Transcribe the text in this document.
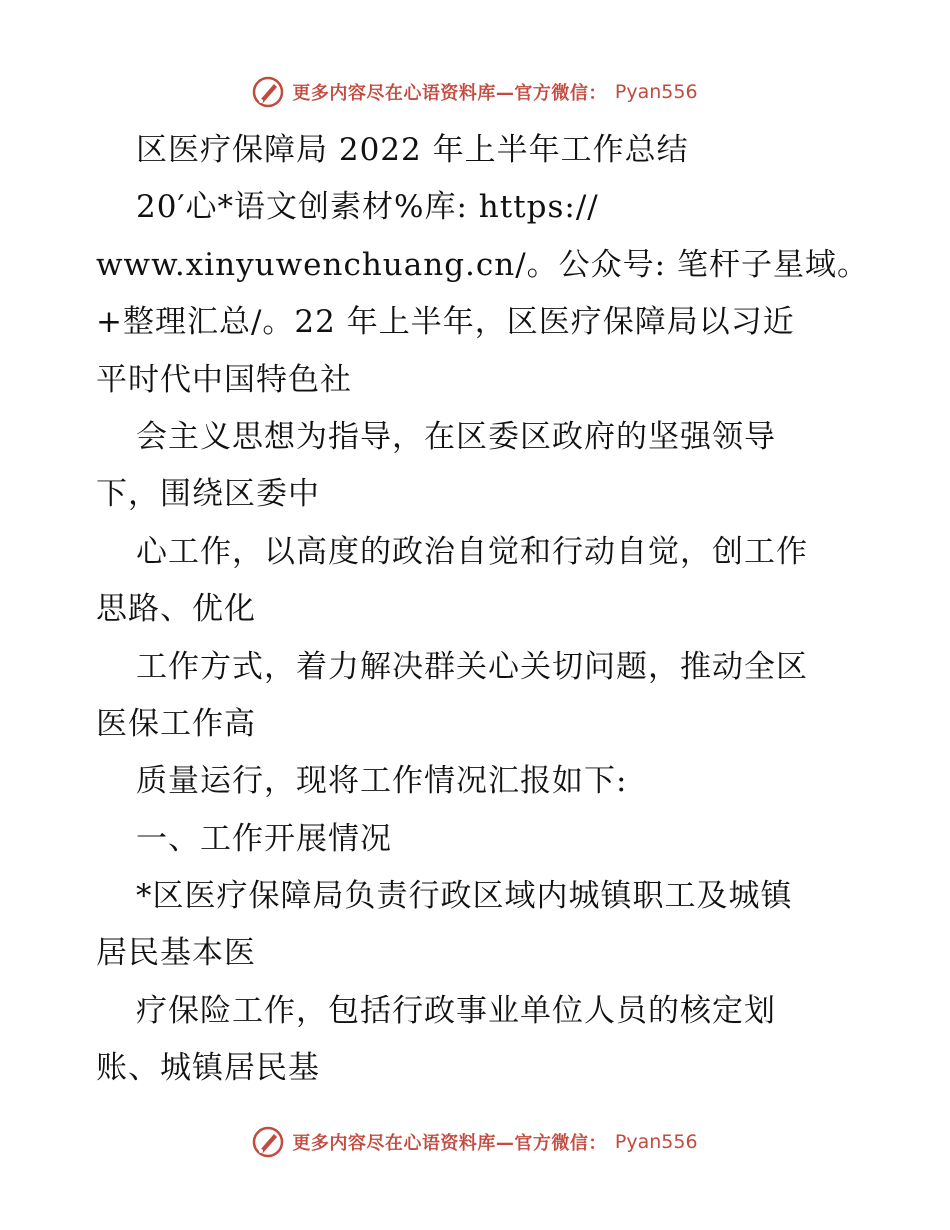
更多内容尽在心语资料库—官方微信： Pyan556
区医疗保障局 2022 年上半年工作总结
20′心*语文创素材%库: https://
www.xinyuwenchuang.cn/。公众号: 笔杆子星域。
+整理汇总/。22 年上半年，区医疗保障局以习近
平时代中国特色社
会主义思想为指导，在区委区政府的坚强领导
下，围绕区委中
心工作，以高度的政治自觉和行动自觉，创工作
思路、优化
工作方式，着力解决群关心关切问题，推动全区
医保工作高
质量运行，现将工作情况汇报如下:
一、工作开展情况
*区医疗保障局负责行政区域内城镇职工及城镇
居民基本医
疗保险工作，包括行政事业单位人员的核定划
账、城镇居民基
更多内容尽在心语资料库—官方微信： Pyan556
